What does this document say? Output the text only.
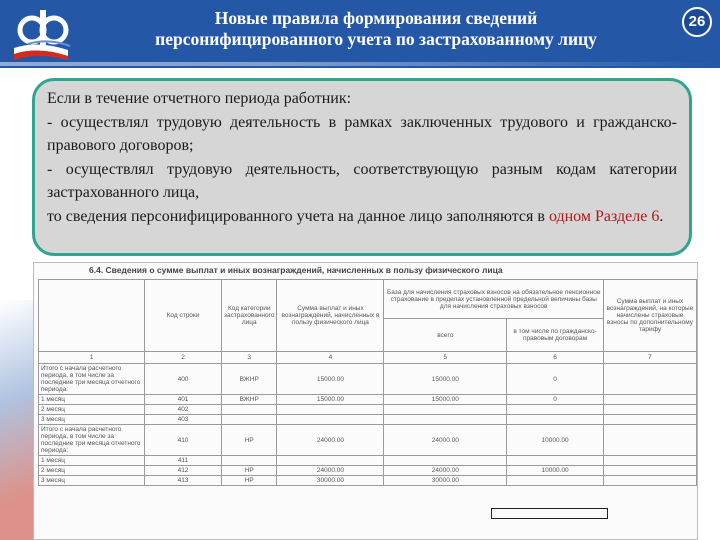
Новые правила формирования сведений
персонифицированного учета по застрахованному лицу
26

Если в течение отчетного периода работник:

- осуществлял трудовую деятельность в рамках заключенных трудового и гражданско-правового договоров;

- осуществлял трудовую деятельность, соответствующую разным кодам категории застрахованного лица,

то сведения персонифицированного учета на данное лицо заполняются в одном Разделе 6.

6.4. Сведения о сумме выплат и иных вознаграждений, начисленных в пользу физического лица
	Код строки	Код категории застрахованного лица	Сумма выплат и иных вознаграждений, начисленных в пользу физического лица	База для начисления страховых взносов на обязательное пенсионное страхование в пределах установленной предельной величины базы для начисления страховых взносов		Сумма выплат и иных вознаграждений, на которые начислены страховые взносы по дополнительному тарифу
				всего	в том числе по гражданско-правовым договорам	
1	2	3	4	5	6	7
Итого с начала расчетного периода, в том числе за последние три месяца отчетного периода:	400	ВЖНР	15000.00	15000.00	0	
1 месяц	401	ВЖНР	15000.00	15000.00	0	
2 месяц	402					
3 месяц	403					
Итого с начала расчетного периода, в том числе за последние три месяца отчетного периода:	410	НР	24000.00	24000.00	10000.00	
1 месяц	411					
2 месяц	412	НР	24000.00	24000.00	10000.00	
3 месяц	413	НР	30000.00	30000.00		
